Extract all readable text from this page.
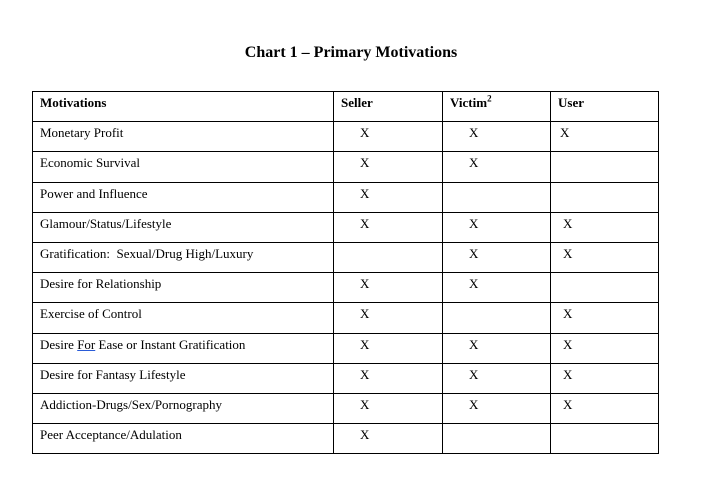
Chart 1 – Primary Motivations
Motivations	Seller	Victim$^2$	User
Monetary Profit	X	X	X
Economic Survival	X	X	
Power and Influence	X		
Glamour/Status/Lifestyle	X	X	X
Gratification:  Sexual/Drug High/Luxury		X	X
Desire for Relationship	X	X	
Exercise of Control	X		X
Desire For Ease or Instant Gratification	X	X	X
Desire for Fantasy Lifestyle	X	X	X
Addiction-Drugs/Sex/Pornography	X	X	X
Peer Acceptance/Adulation	X		
